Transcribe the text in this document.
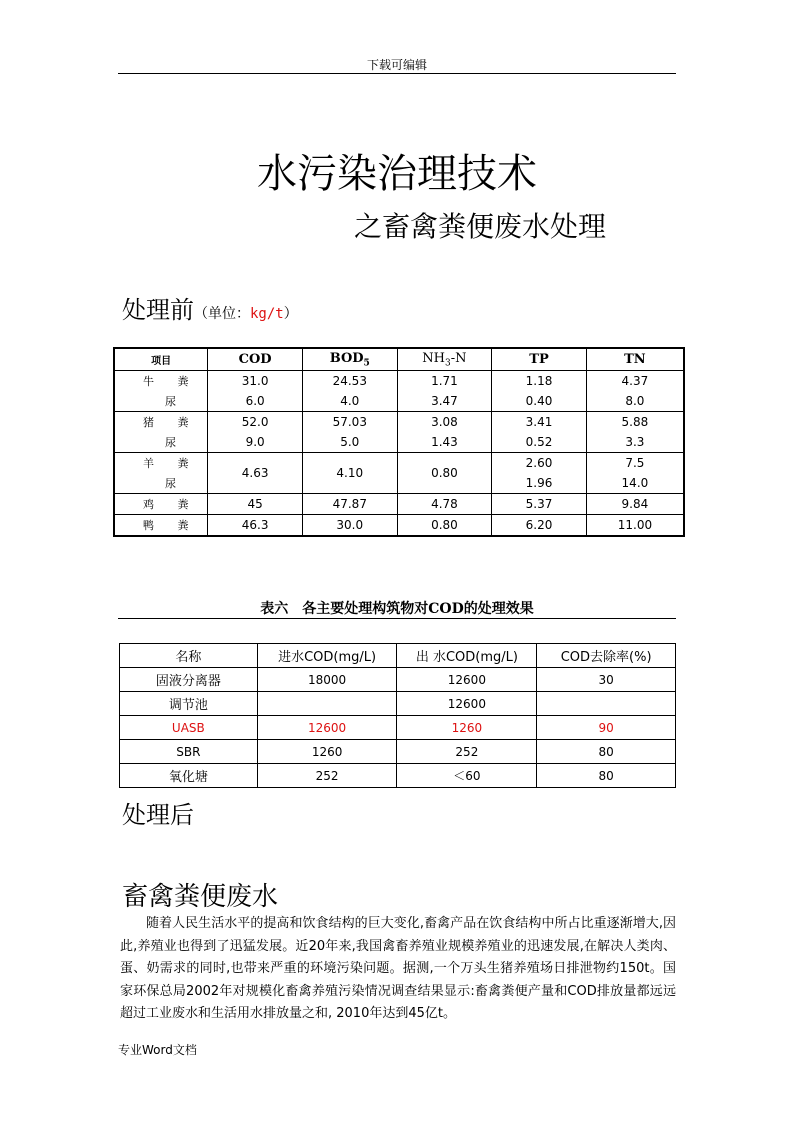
下载可编辑
水污染治理技术
之畜禽粪便废水处理
处理前（单位：kg/t）
项目	COD	$BOD_5$	$NH_3-N$	TP	TN
牛 粪	31.0	24.53	1.71	1.18	4.37
尿	6.0	4.0	3.47	0.40	8.0
猪 粪	52.0	57.03	3.08	3.41	5.88
尿	9.0	5.0	1.43	0.52	3.3
羊 粪	4.63	4.10	0.80	2.60	7.5
尿				1.96	14.0
鸡 粪	45	47.87	4.78	5.37	9.84
鸭 粪	46.3	30.0	0.80	6.20	11.00
表六　各主要处理构筑物对COD的处理效果
名称	进水COD(mg/L)	出 水COD(mg/L)	COD去除率(%)
固液分离器	18000	12600	30
调节池		12600	
UASB	12600	1260	90
SBR	1260	252	80
氧化塘	252	＜60	80
处理后
畜禽粪便废水
随着人民生活水平的提高和饮食结构的巨大变化,畜禽产品在饮食结构中所占比重逐渐增大,因此,养殖业也得到了迅猛发展。近20年来,我国禽畜养殖业规模养殖业的迅速发展,在解决人类肉、蛋、奶需求的同时,也带来严重的环境污染问题。据测,一个万头生猪养殖场日排泄物约150t。国家环保总局2002年对规模化畜禽养殖污染情况调查结果显示:畜禽粪便产量和COD排放量都远远超过工业废水和生活用水排放量之和, 2010年达到45亿t。
专业Word文档
